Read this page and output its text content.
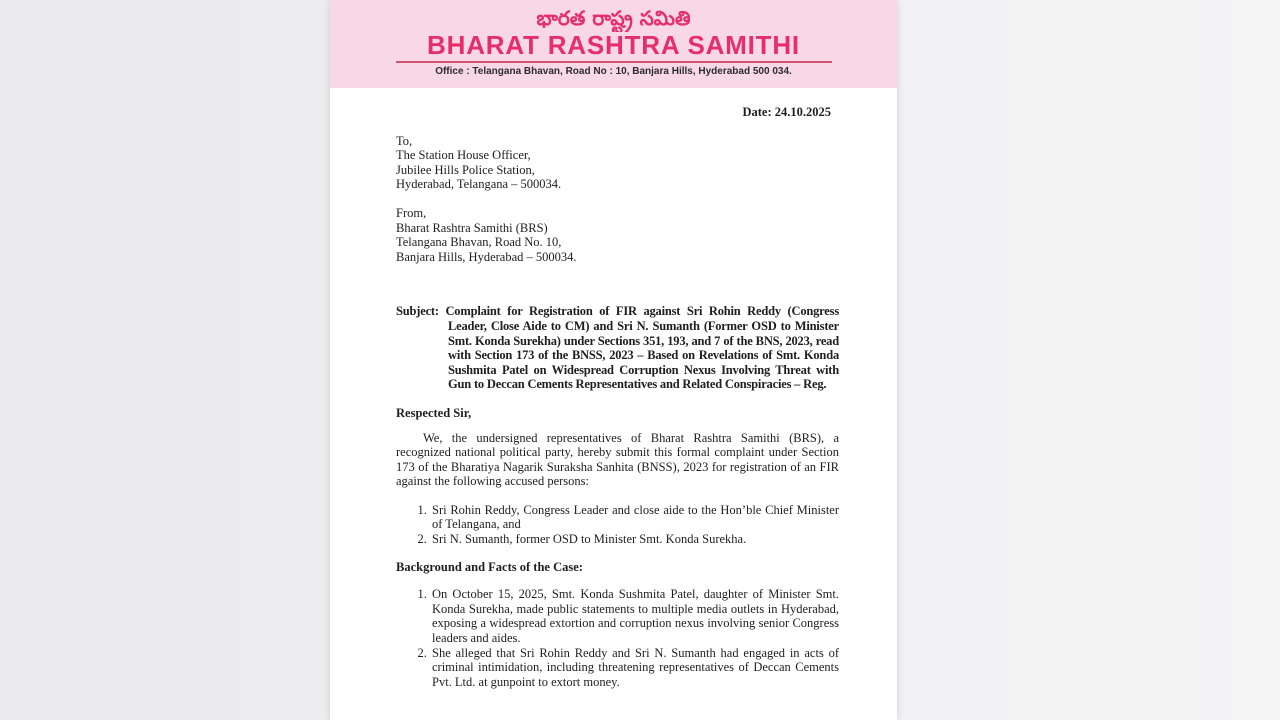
భారత రాష్ట్ర సమితి
BHARAT RASHTRA SAMITHI
Office : Telangana Bhavan, Road No : 10, Banjara Hills, Hyderabad 500 034.
Date: 24.10.2025
To,
The Station House Officer,
Jubilee Hills Police Station,
Hyderabad, Telangana – 500034.
From,
Bharat Rashtra Samithi (BRS)
Telangana Bhavan, Road No. 10,
Banjara Hills, Hyderabad – 500034.

Subject: Complaint for Registration of FIR against Sri Rohin Reddy (Congress Leader, Close Aide to CM) and Sri N. Sumanth (Former OSD to Minister Smt. Konda Surekha) under Sections 351, 193, and 7 of the BNS, 2023, read with Section 173 of the BNSS, 2023 – Based on Revelations of Smt. Konda Sushmita Patel on Widespread Corruption Nexus Involving Threat with Gun to Deccan Cements Representatives and Related Conspiracies – Reg.

Respected Sir,

We, the undersigned representatives of Bharat Rashtra Samithi (BRS), a recognized national political party, hereby submit this formal complaint under Section 173 of the Bharatiya Nagarik Suraksha Sanhita (BNSS), 2023 for registration of an FIR against the following accused persons:

1. Sri Rohin Reddy, Congress Leader and close aide to the Hon’ble Chief Minister of Telangana, and
2. Sri N. Sumanth, former OSD to Minister Smt. Konda Surekha.

Background and Facts of the Case:

1. On October 15, 2025, Smt. Konda Sushmita Patel, daughter of Minister Smt. Konda Surekha, made public statements to multiple media outlets in Hyderabad, exposing a widespread extortion and corruption nexus involving senior Congress leaders and aides.
2. She alleged that Sri Rohin Reddy and Sri N. Sumanth had engaged in acts of criminal intimidation, including threatening representatives of Deccan Cements Pvt. Ltd. at gunpoint to extort money.
